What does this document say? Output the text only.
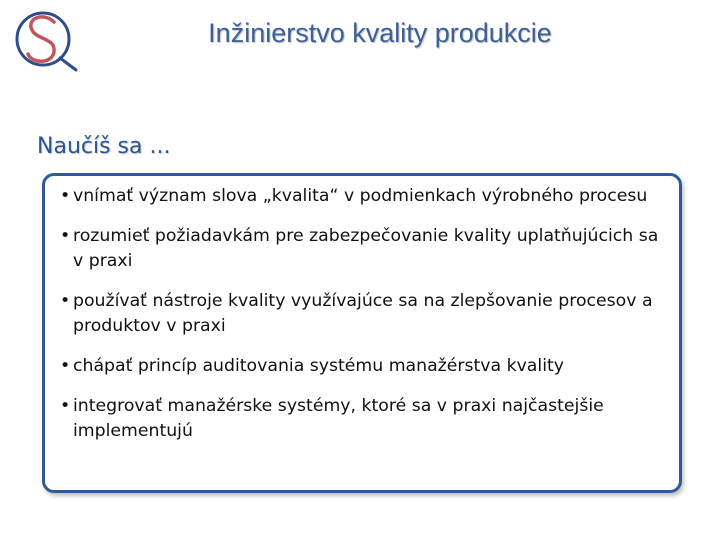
Inžinierstvo kvality produkcie
Naučíš sa ...
• vnímať význam slova „kvalita“ v podmienkach výrobného procesu
• rozumieť požiadavkám pre zabezpečovanie kvality uplatňujúcich sa v praxi
• používať nástroje kvality využívajúce sa na zlepšovanie procesov a produktov v praxi
• chápať princíp auditovania systému manažérstva kvality
• integrovať manažérske systémy, ktoré sa v praxi najčastejšie implementujú
